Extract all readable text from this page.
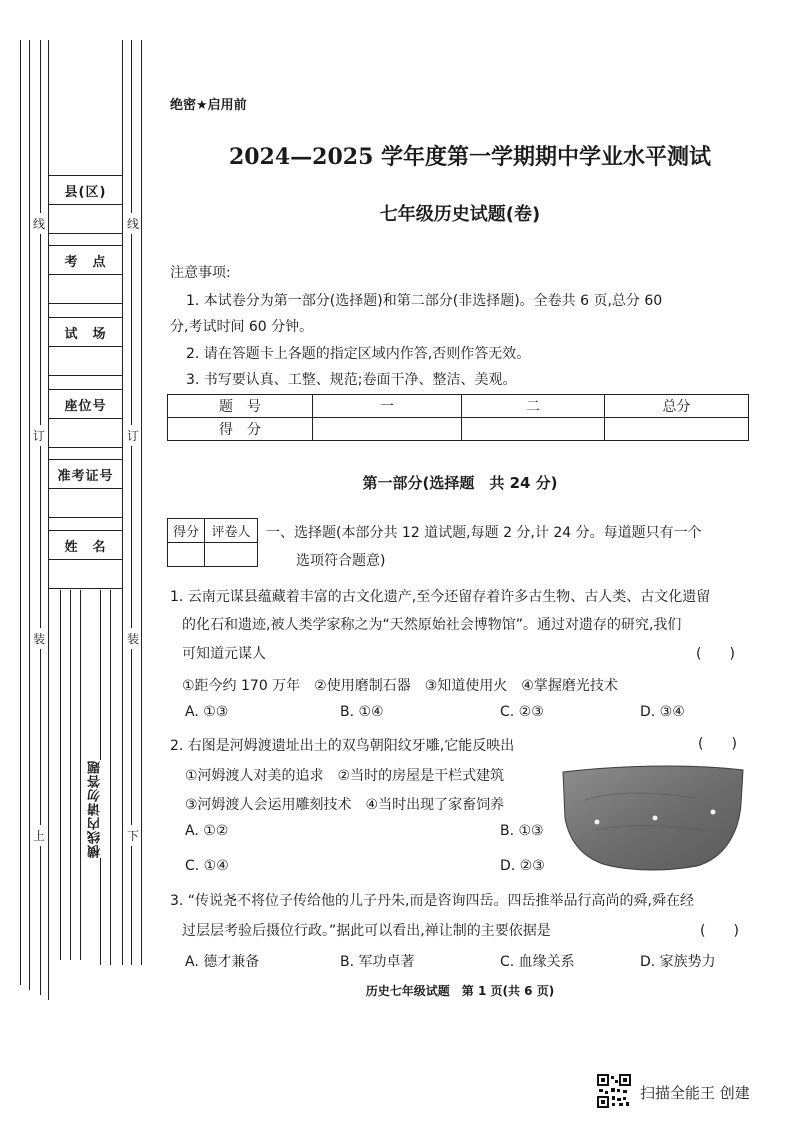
县(区)
考　点
试　场
座位号
准考证号
姓　名
线	线
订	订
装	装
上	下
横线内请勿答题
绝密★启用前
2024—2025 学年度第一学期期中学业水平测试
七年级历史试题(卷)
注意事项:
1. 本试卷分为第一部分(选择题)和第二部分(非选择题)。全卷共 6 页,总分 60
分,考试时间 60 分钟。
2. 请在答题卡上各题的指定区域内作答,否则作答无效。
3. 书写要认真、工整、规范;卷面干净、整洁、美观。
题　号	一	二	总分
得　分			
第一部分(选择题　共 24 分)
得分	评卷人
	一、选择题(本部分共 12 道试题,每题 2 分,计 24 分。每道题只有一个
选项符合题意)
1. 云南元谋县蕴藏着丰富的古文化遗产,至今还留存着许多古生物、古人类、古文化遗留
的化石和遗迹,被人类学家称之为“天然原始社会博物馆”。通过对遗存的研究,我们
可知道元谋人	(　　)
①距今约 170 万年　②使用磨制石器　③知道使用火　④掌握磨光技术
A. ①③	B. ①④	C. ②③	D. ③④
2. 右图是河姆渡遗址出土的双鸟朝阳纹牙雕,它能反映出	(　　)
①河姆渡人对美的追求　②当时的房屋是干栏式建筑
③河姆渡人会运用雕刻技术　④当时出现了家畜饲养
A. ①②	B. ①③
C. ①④	D. ②③
3. “传说尧不将位子传给他的儿子丹朱,而是咨询四岳。四岳推举品行高尚的舜,舜在经
过层层考验后摄位行政。”据此可以看出,禅让制的主要依据是	(　　)
A. 德才兼备	B. 军功卓著	C. 血缘关系	D. 家族势力
历史七年级试题　第 1 页(共 6 页)
扫描全能王 创建
